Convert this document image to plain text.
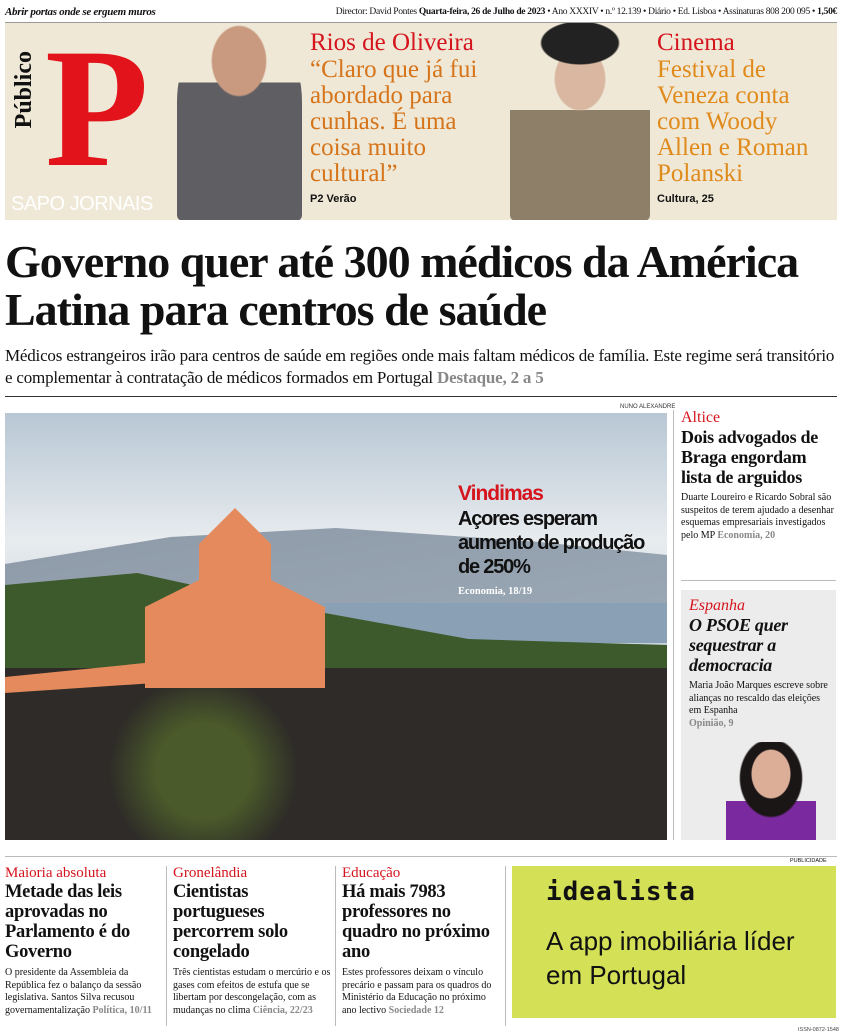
Abrir portas onde se erguem muros	Director: David Pontes Quarta-feira, 26 de Julho de 2023 • Ano XXXIV • n.º 12.139 • Diário • Ed. Lisboa • Assinaturas 808 200 095 • 1,50€
P
Público
SAPO JORNAIS
Rios de Oliveira
“Claro que já fui abordado para cunhas. É uma coisa muito cultural”
P2 Verão
Cinema
Festival de Veneza conta com Woody Allen e Roman Polanski
Cultura, 25
Governo quer até 300 médicos da América Latina para centros de saúde
Médicos estrangeiros irão para centros de saúde em regiões onde mais faltam médicos de família. Este regime será transitório e complementar à contratação de médicos formados em Portugal Destaque, 2 a 5
NUNO ALEXANDRE
Vindimas
Açores esperam aumento de produção de 250%
Economia, 18/19
Altice
Dois advogados de Braga engordam lista de arguidos
Duarte Loureiro e Ricardo Sobral são suspeitos de terem ajudado a desenhar esquemas empresariais investigados pelo MP Economia, 20
Espanha
O PSOE quer sequestrar a democracia
Maria João Marques escreve sobre alianças no rescaldo das eleições em Espanha
Opinião, 9
Maioria absoluta
Metade das leis aprovadas no Parlamento é do Governo
O presidente da Assembleia da República fez o balanço da sessão legislativa. Santos Silva recusou governamentalização Política, 10/11
Gronelândia
Cientistas portugueses percorrem solo congelado
Três cientistas estudam o mercúrio e os gases com efeitos de estufa que se libertam por descongelação, com as mudanças no clima Ciência, 22/23
Educação
Há mais 7983 professores no quadro no próximo ano
Estes professores deixam o vínculo precário e passam para os quadros do Ministério da Educação no próximo ano lectivo Sociedade 12
PUBLICIDADE
idealista
A app imobiliária líder em Portugal
ISSN-0872-1548
